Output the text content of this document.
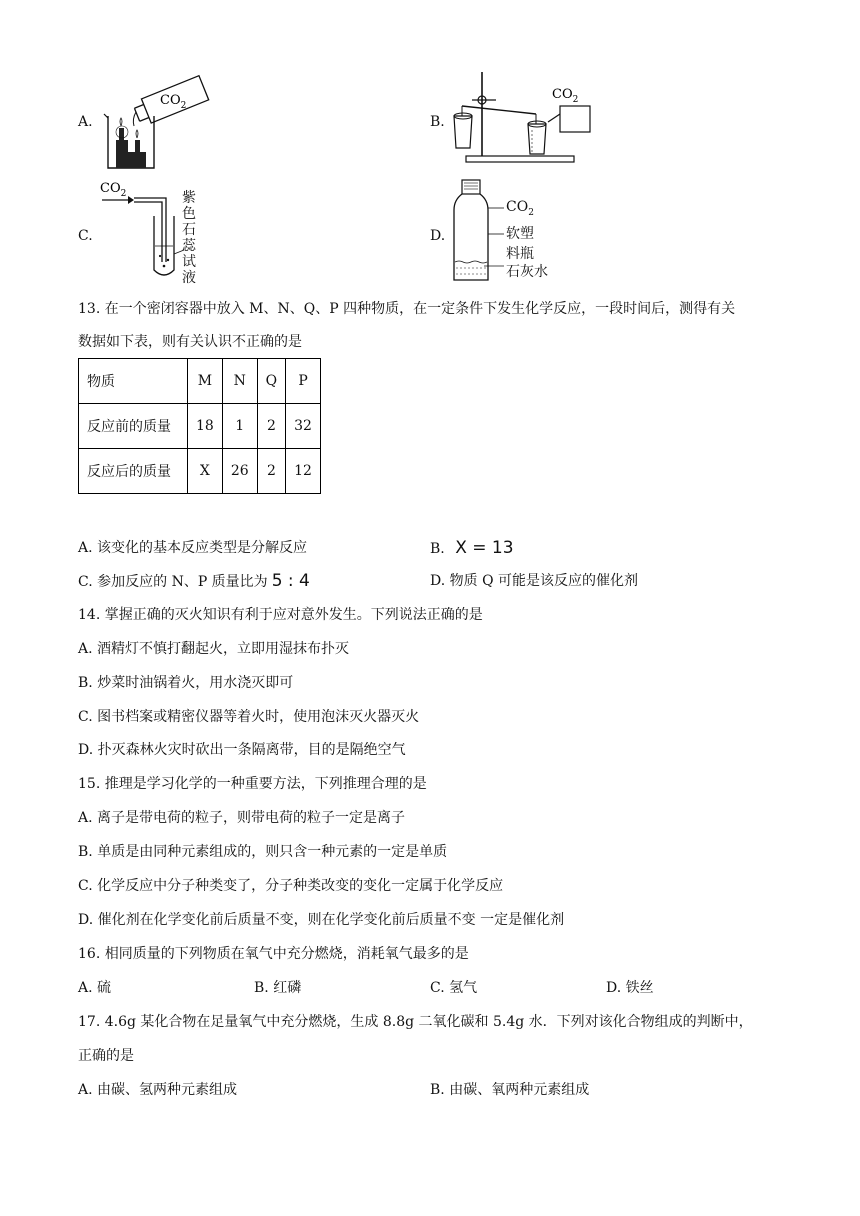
A.
$CO_2$
B.
$CO_2$
C.
$CO_2$	紫
色
石
蕊
试
液
D.
$CO_2$
软塑
料瓶
石灰水
13. 在一个密闭容器中放入 M、N、Q、P 四种物质，在一定条件下发生化学反应，一段时间后，测得有关
数据如下表，则有关认识不正确的是
物质	M	N	Q	P
反应前的质量	18	1	2	32
反应后的质量	X	26	2	12
A. 该变化的基本反应类型是分解反应	B. X = 13
C. 参加反应的 N、P 质量比为 5 : 4	D. 物质 Q 可能是该反应的催化剂
14. 掌握正确的灭火知识有利于应对意外发生。下列说法正确的是
A. 酒精灯不慎打翻起火，立即用湿抹布扑灭
B. 炒菜时油锅着火，用水浇灭即可
C. 图书档案或精密仪器等着火时，使用泡沫灭火器灭火
D. 扑灭森林火灾时砍出一条隔离带，目的是隔绝空气
15. 推理是学习化学的一种重要方法，下列推理合理的是
A. 离子是带电荷的粒子，则带电荷的粒子一定是离子
B. 单质是由同种元素组成的，则只含一种元素的一定是单质
C. 化学反应中分子种类变了，分子种类改变的变化一定属于化学反应
D. 催化剂在化学变化前后质量不变，则在化学变化前后质量不变 一定是催化剂
16. 相同质量的下列物质在氧气中充分燃烧，消耗氧气最多的是
A. 硫	B. 红磷	C. 氢气	D. 铁丝
17. 4.6g 某化合物在足量氧气中充分燃烧，生成 8.8g 二氧化碳和 5.4g 水．下列对该化合物组成的判断中，
正确的是
A. 由碳、氢两种元素组成	B. 由碳、氧两种元素组成
